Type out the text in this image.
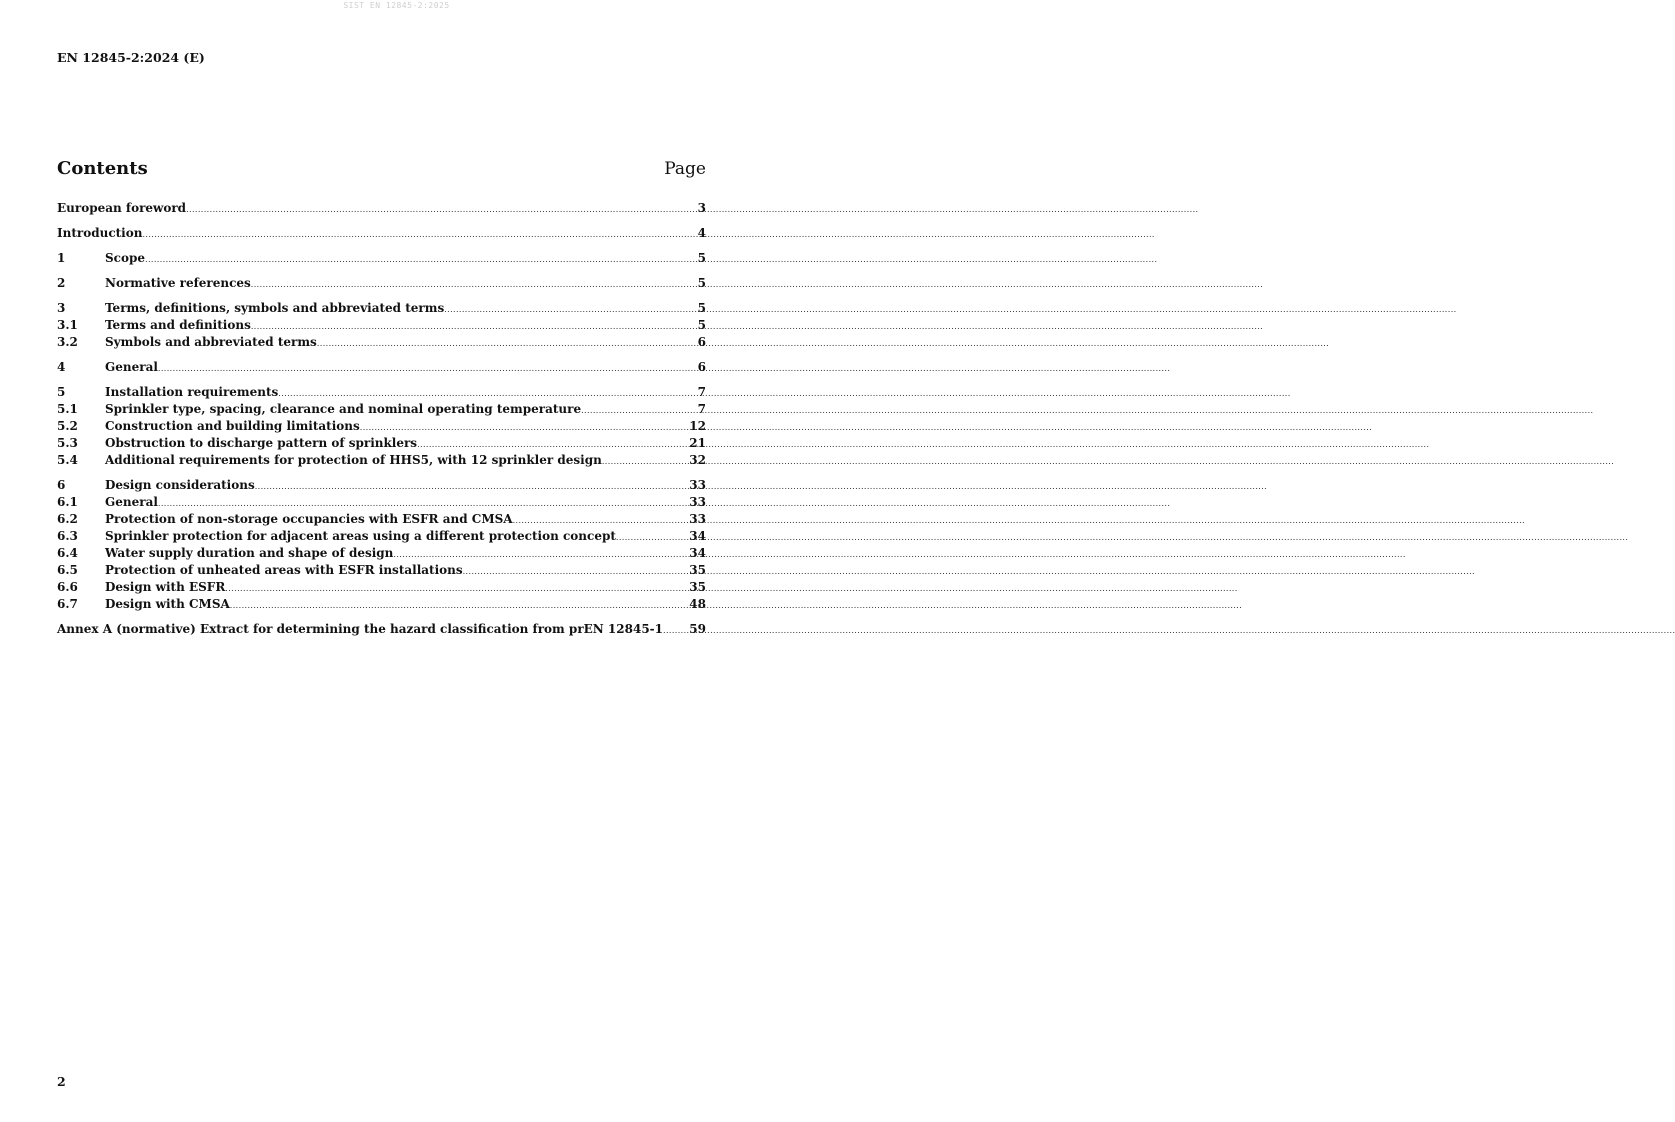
SIST EN 12845-2:2025
EN 12845-2:2024 (E)
Contents	Page
European foreword .....	3
Introduction .....	4
1	Scope .....	5
2	Normative references .....	5
3	Terms, definitions, symbols and abbreviated terms .....	5
3.1	Terms and definitions .....	5
3.2	Symbols and abbreviated terms .....	6
4	General .....	6
5	Installation requirements .....	7
5.1	Sprinkler type, spacing, clearance and nominal operating temperature .....	7
5.2	Construction and building limitations .....	12
5.3	Obstruction to discharge pattern of sprinklers .....	21
5.4	Additional requirements for protection of HHS5, with 12 sprinkler design .....	32
6	Design considerations .....	33
6.1	General .....	33
6.2	Protection of non-storage occupancies with ESFR and CMSA .....	33
6.3	Sprinkler protection for adjacent areas using a different protection concept .....	34
6.4	Water supply duration and shape of design .....	34
6.5	Protection of unheated areas with ESFR installations .....	35
6.6	Design with ESFR .....	35
6.7	Design with CMSA .....	48
Annex A (normative) Extract for determining the hazard classification from prEN 12845-1 ..... 59
2
